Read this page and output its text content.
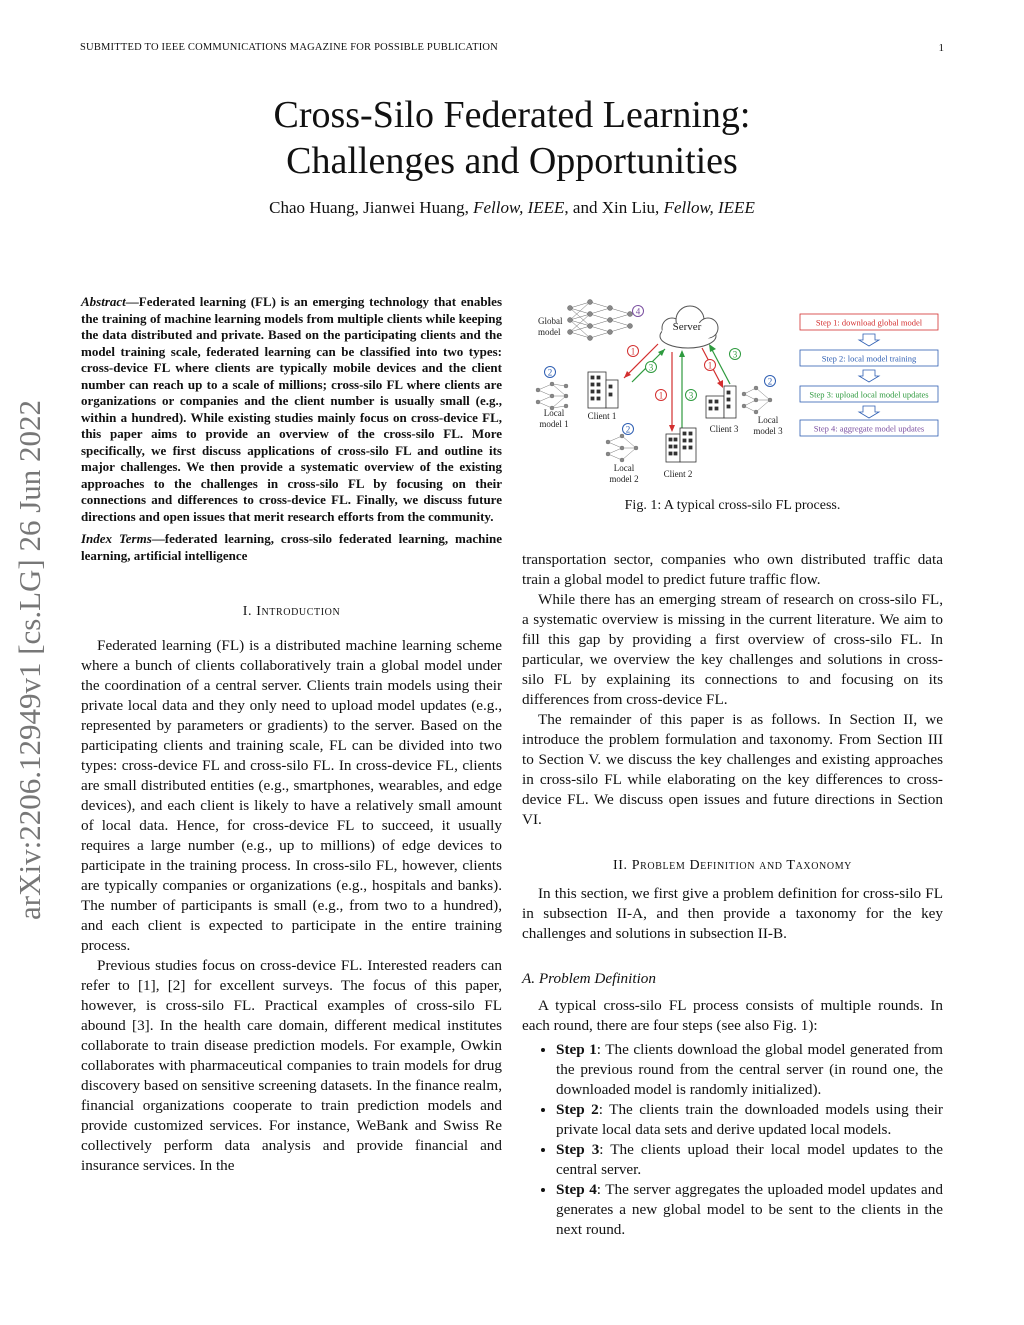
SUBMITTED TO IEEE COMMUNICATIONS MAGAZINE FOR POSSIBLE PUBLICATION	1
Cross-Silo Federated Learning:
Challenges and Opportunities
Chao Huang, Jianwei Huang, Fellow, IEEE, and Xin Liu, Fellow, IEEE
arXiv:2206.12949v1 [cs.LG] 26 Jun 2022

Abstract—Federated learning (FL) is an emerging technology that enables the training of machine learning models from multiple clients while keeping the data distributed and private. Based on the participating clients and the model training scale, federated learning can be classified into two types: cross-device FL where clients are typically mobile devices and the client number can reach up to a scale of millions; cross-silo FL where clients are organizations or companies and the client number is usually small (e.g., within a hundred). While existing studies mainly focus on cross-device FL, this paper aims to provide an overview of the cross-silo FL. More specifically, we first discuss applications of cross-silo FL and outline its major challenges. We then provide a systematic overview of the existing approaches to the challenges in cross-silo FL by focusing on their connections and differences to cross-device FL. Finally, we discuss future directions and open issues that merit research efforts from the community.

Index Terms—federated learning, cross-silo federated learning, machine learning, artificial intelligence

I. Introduction

Federated learning (FL) is a distributed machine learning scheme where a bunch of clients collaboratively train a global model under the coordination of a central server. Clients train models using their private local data and they only need to upload model updates (e.g., represented by parameters or gradients) to the server. Based on the participating clients and training scale, FL can be divided into two types: cross-device FL and cross-silo FL. In cross-device FL, clients are small distributed entities (e.g., smartphones, wearables, and edge devices), and each client is likely to have a relatively small amount of local data. Hence, for cross-device FL to succeed, it usually requires a large number (e.g., up to millions) of edge devices to participate in the training process. In cross-silo FL, however, clients are typically companies or organizations (e.g., hospitals and banks). The number of participants is small (e.g., from two to a hundred), and each client is expected to participate in the entire training process.

Previous studies focus on cross-device FL. Interested readers can refer to [1], [2] for excellent surveys. The focus of this paper, however, is cross-silo FL. Practical examples of cross-silo FL abound [3]. In the health care domain, different medical institutes collaborate to train disease prediction models. For example, Owkin collaborates with pharmaceutical companies to train models for drug discovery based on sensitive screening datasets. In the finance realm, financial organizations cooperate to train prediction models and provide customized services. For instance, WeBank and Swiss Re collectively perform data analysis and provide financial and insurance services. In the

Global
model
4
Server
1
3
1	3
1
3
2
Local
model 1
Client 1
2
Local
model 2	Client 2
Client 3
2
Local
model 3
Step 1: download global model
Step 2: local model training
Step 3: upload local model updates
Step 4: aggregate model updates
Fig. 1: A typical cross-silo FL process.

transportation sector, companies who own distributed traffic data train a global model to predict future traffic flow.

While there has an emerging stream of research on cross-silo FL, a systematic overview is missing in the current literature. We aim to fill this gap by providing a first overview of cross-silo FL. In particular, we overview the key challenges and solutions in cross-silo FL by explaining its connections to and focusing on its differences from cross-device FL.

The remainder of this paper is as follows. In Section II, we introduce the problem formulation and taxonomy. From Section III to Section V. we discuss the key challenges and existing approaches in cross-silo FL while elaborating on the key differences to cross-device FL. We discuss open issues and future directions in Section VI.

II. Problem Definition and Taxonomy

In this section, we first give a problem definition for cross-silo FL in subsection II-A, and then provide a taxonomy for the key challenges and solutions in subsection II-B.

A. Problem Definition

A typical cross-silo FL process consists of multiple rounds. In each round, there are four steps (see also Fig. 1):

• Step 1: The clients download the global model generated from the previous round from the central server (in round one, the downloaded model is randomly initialized).
• Step 2: The clients train the downloaded models using their private local data sets and derive updated local models.
• Step 3: The clients upload their local model updates to the central server.
• Step 4: The server aggregates the uploaded model updates and generates a new global model to be sent to the clients in the next round.
